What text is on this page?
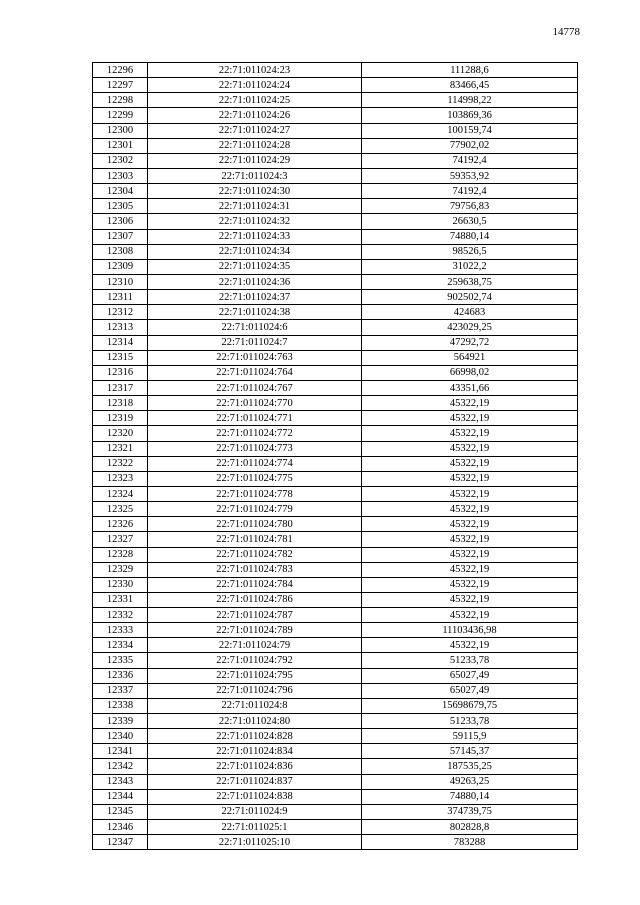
14778
12296	22:71:011024:23	111288,6
12297	22:71:011024:24	83466,45
12298	22:71:011024:25	114998,22
12299	22:71:011024:26	103869,36
12300	22:71:011024:27	100159,74
12301	22:71:011024:28	77902,02
12302	22:71:011024:29	74192,4
12303	22:71:011024:3	59353,92
12304	22:71:011024:30	74192,4
12305	22:71:011024:31	79756,83
12306	22:71:011024:32	26630,5
12307	22:71:011024:33	74880,14
12308	22:71:011024:34	98526,5
12309	22:71:011024:35	31022,2
12310	22:71:011024:36	259638,75
12311	22:71:011024:37	902502,74
12312	22:71:011024:38	424683
12313	22:71:011024:6	423029,25
12314	22:71:011024:7	47292,72
12315	22:71:011024:763	564921
12316	22:71:011024:764	66998,02
12317	22:71:011024:767	43351,66
12318	22:71:011024:770	45322,19
12319	22:71:011024:771	45322,19
12320	22:71:011024:772	45322,19
12321	22:71:011024:773	45322,19
12322	22:71:011024:774	45322,19
12323	22:71:011024:775	45322,19
12324	22:71:011024:778	45322,19
12325	22:71:011024:779	45322,19
12326	22:71:011024:780	45322,19
12327	22:71:011024:781	45322,19
12328	22:71:011024:782	45322,19
12329	22:71:011024:783	45322,19
12330	22:71:011024:784	45322,19
12331	22:71:011024:786	45322,19
12332	22:71:011024:787	45322,19
12333	22:71:011024:789	11103436,98
12334	22:71:011024:79	45322,19
12335	22:71:011024:792	51233,78
12336	22:71:011024:795	65027,49
12337	22:71:011024:796	65027,49
12338	22:71:011024:8	15698679,75
12339	22:71:011024:80	51233,78
12340	22:71:011024:828	59115,9
12341	22:71:011024:834	57145,37
12342	22:71:011024:836	187535,25
12343	22:71:011024:837	49263,25
12344	22:71:011024:838	74880,14
12345	22:71:011024:9	374739,75
12346	22:71:011025:1	802828,8
12347	22:71:011025:10	783288
